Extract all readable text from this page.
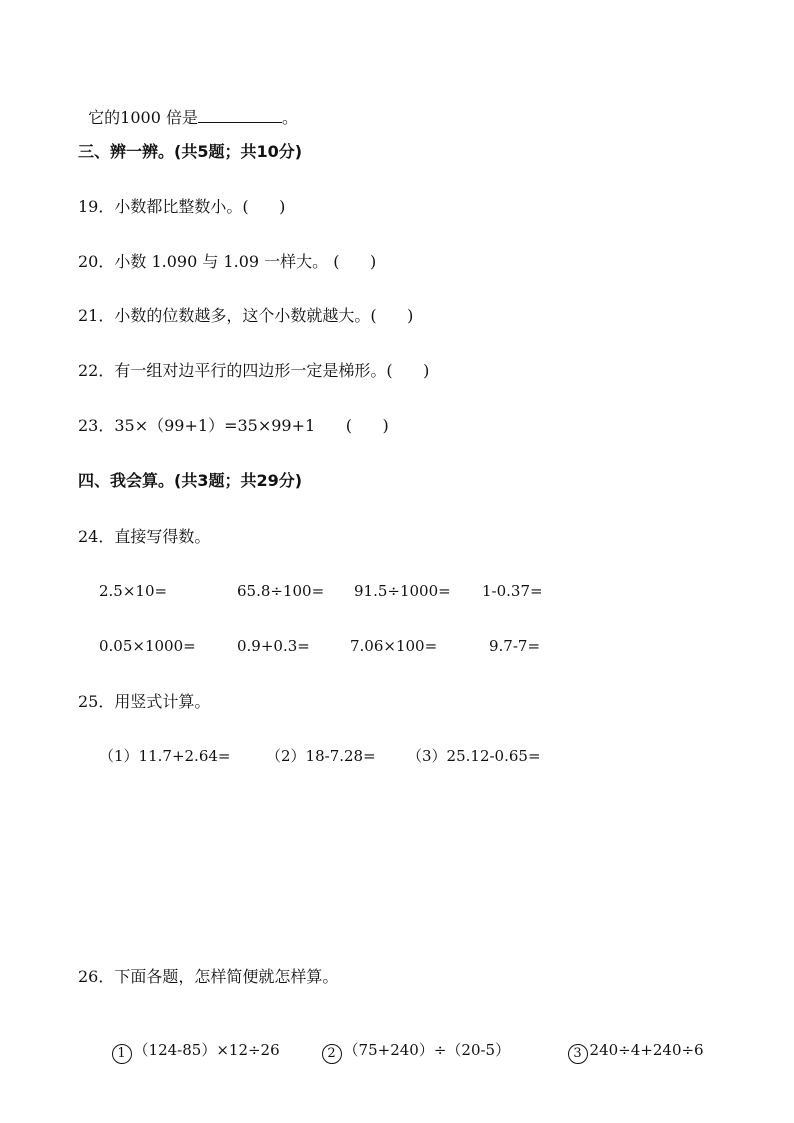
它的1000 倍是	。

三、辨一辨。(共5题；共10分)
19．小数都比整数小。(      )
20．小数 1.090 与 1.09 一样大。 (      )
21．小数的位数越多，这个小数就越大。(      )
22．有一组对边平行的四边形一定是梯形。(      )
23．35×（99+1）=35×99+1      (      )
四、我会算。(共3题；共29分)
24．直接写得数。
2.5×10=	65.8÷100= 91.5÷1000= 1-0.37=
0.05×1000=	0.9+0.3=	7.06×100=	9.7-7=
25．用竖式计算。
（1）11.7+2.64= （2）18-7.28= （3）25.12-0.65=
26．下面各题，怎样简便就怎样算。

1 （124-85）×12÷26	2 （75+240）÷（20-5）	3 240÷4+240÷6
